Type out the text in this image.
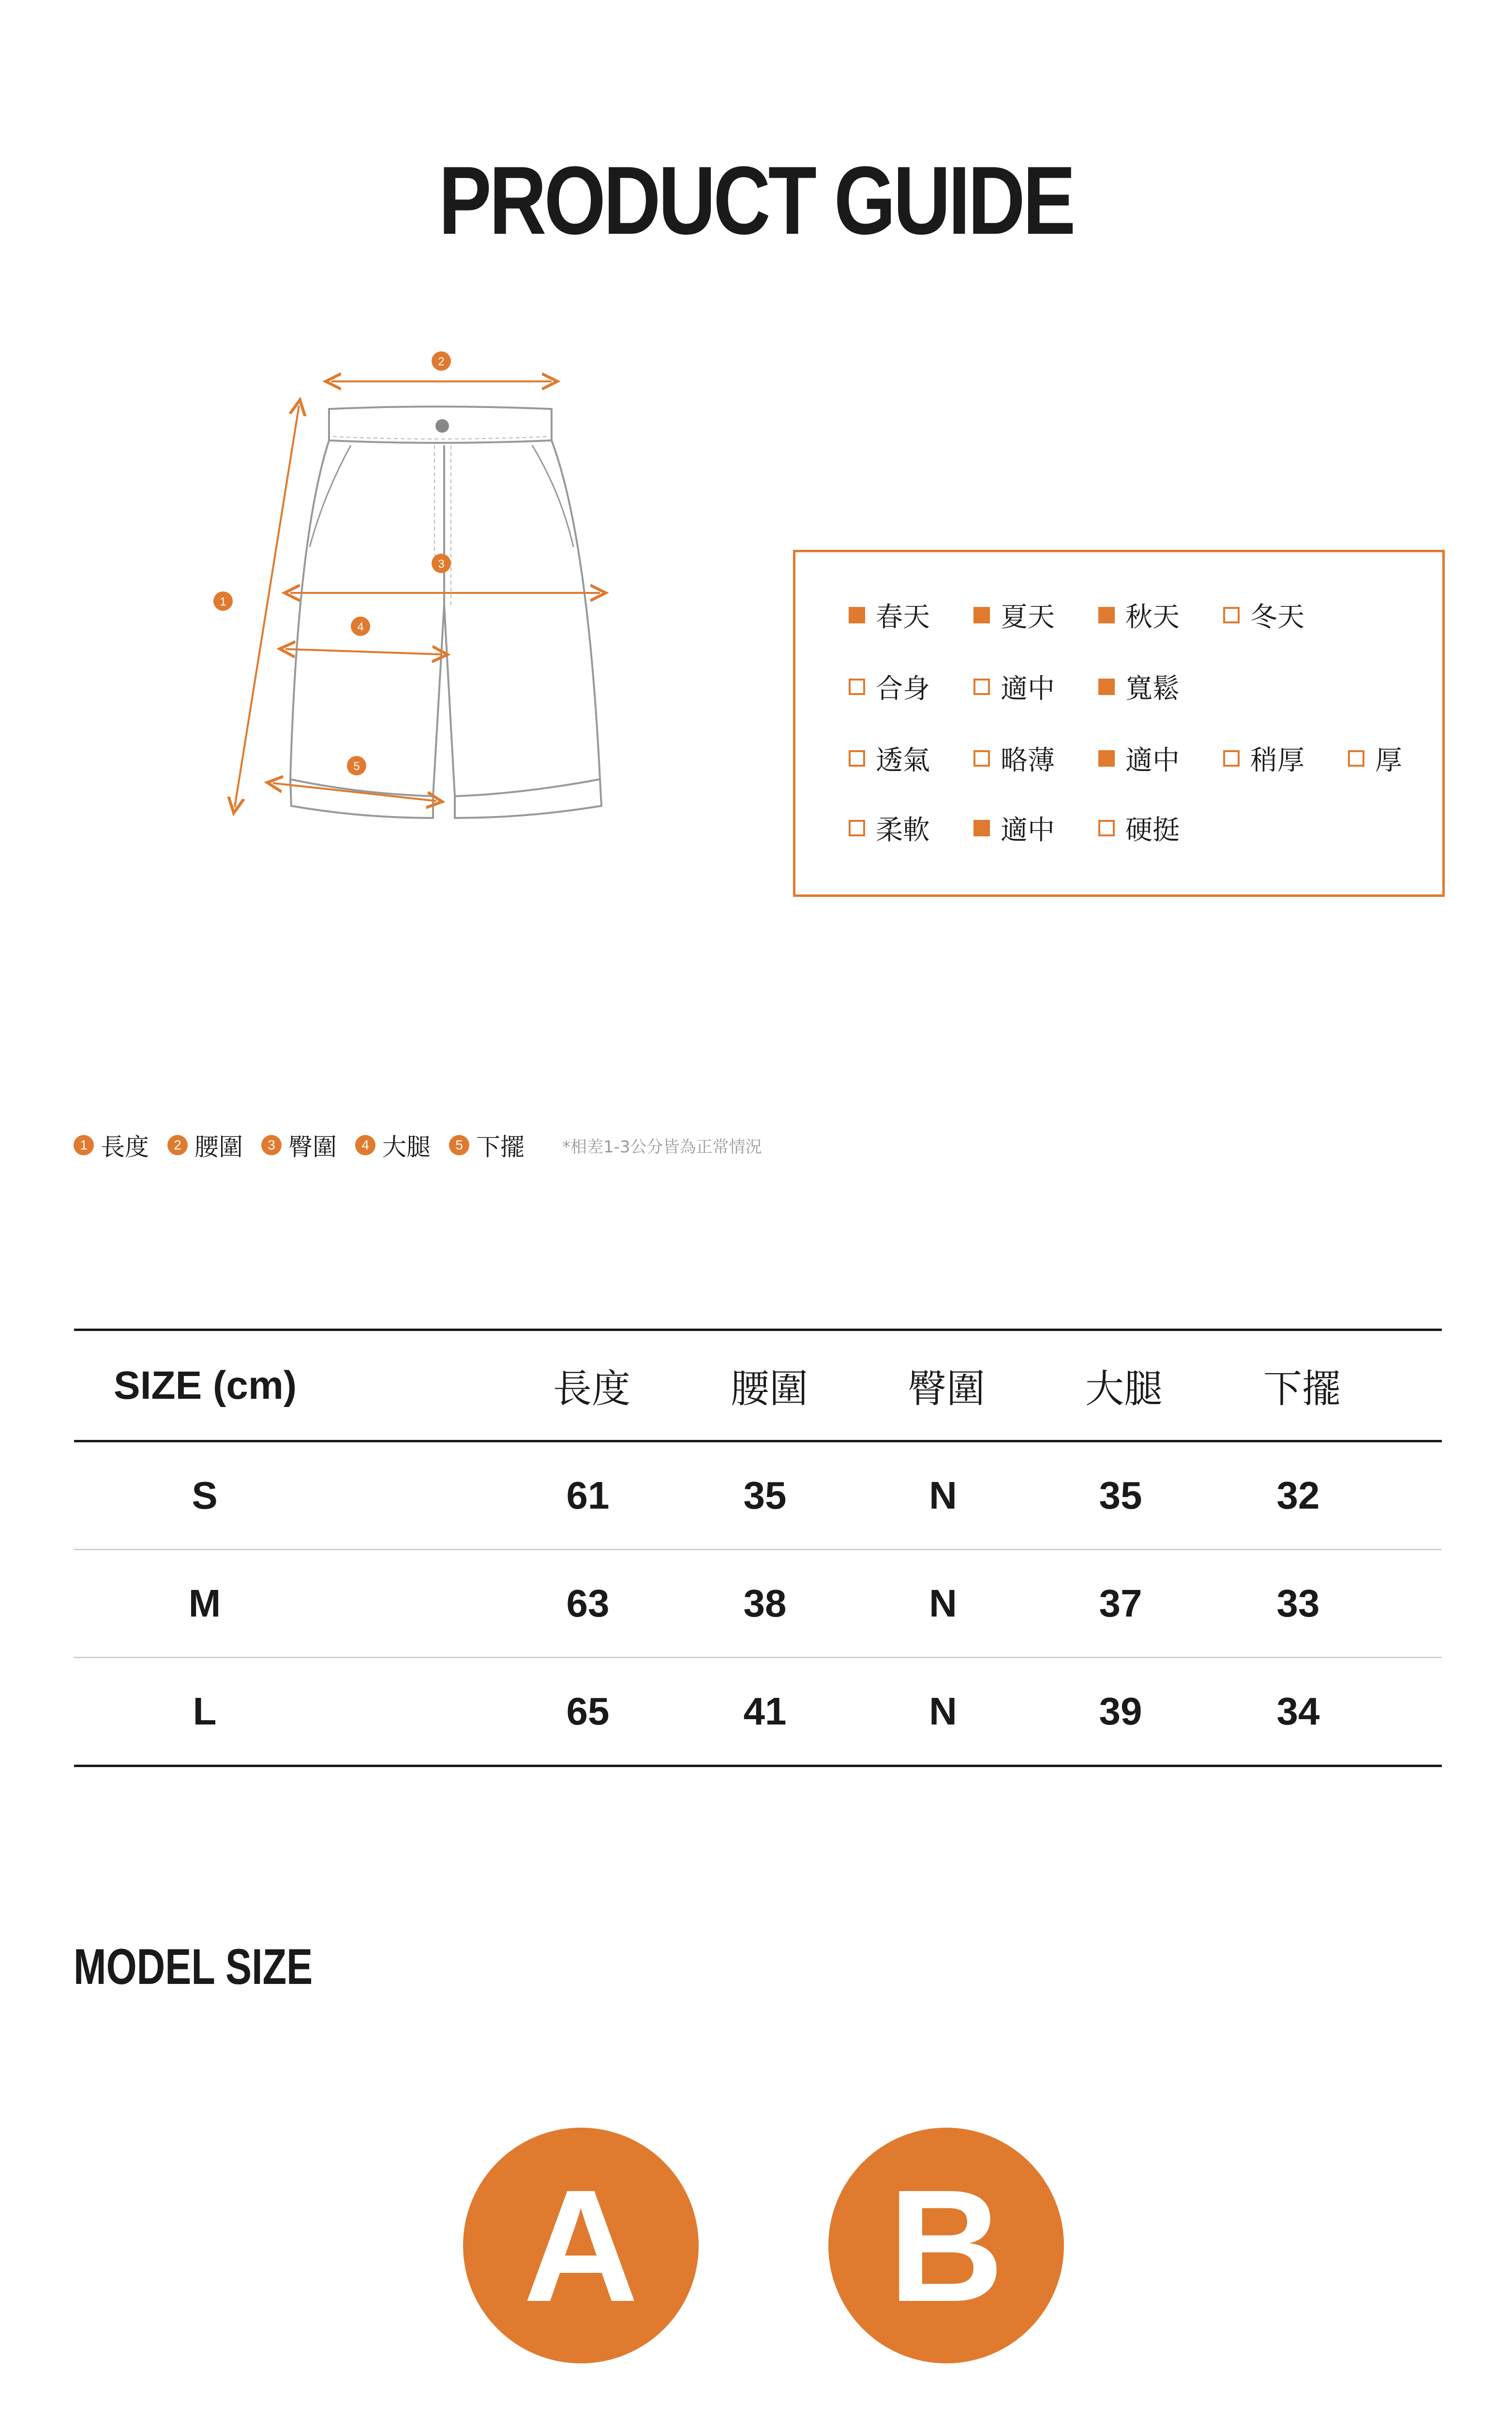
PRODUCT GUIDE
2
1
3
4
5
春天	夏天	秋天	冬天
合身	適中	寬鬆
透氣	略薄	適中	稍厚	厚
柔軟	適中	硬挺
1 長度	2 腰圍	3 臀圍	4 大腿	5 下擺 *相差1-3公分皆為正常情況
SIZE (cm)	長度	腰圍	臀圍	大腿	下擺
S	61	35	N	35	32
M	63	38	N	37	33
L	65	41	N	39	34
MODEL SIZE
A	B
